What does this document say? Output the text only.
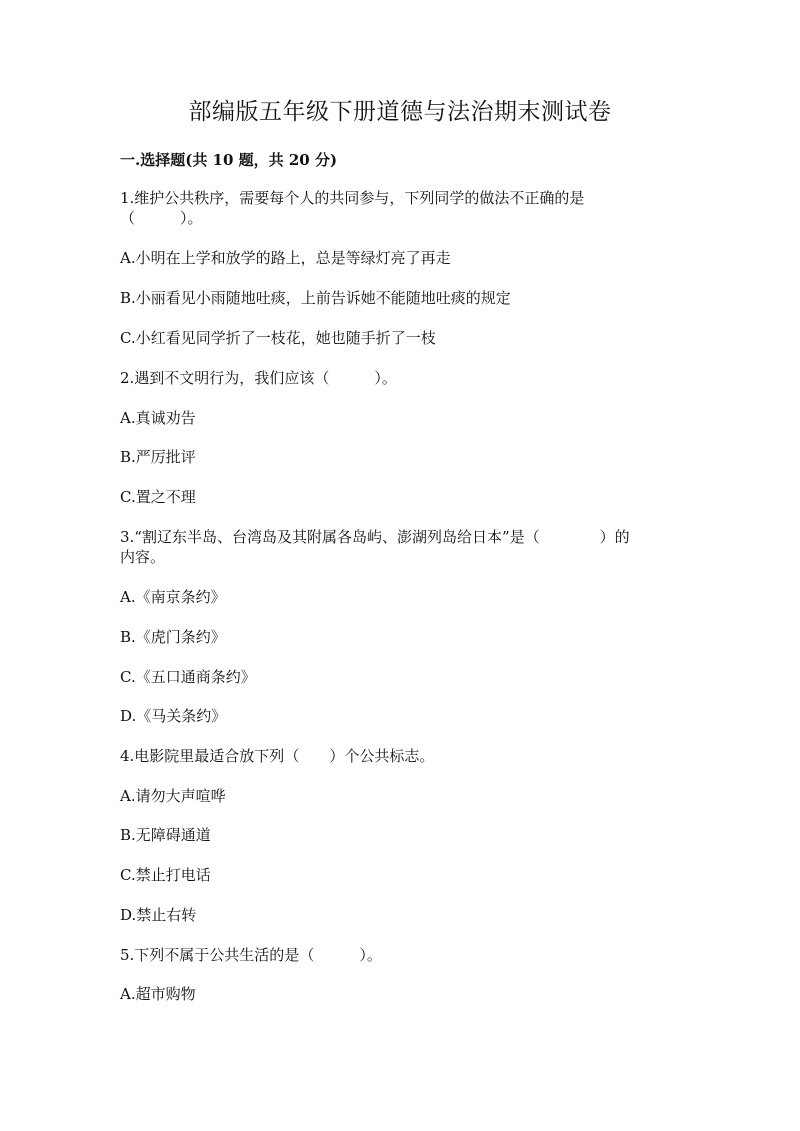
部编版五年级下册道德与法治期末测试卷
一.选择题(共 10 题，共 20 分)
1.维护公共秩序，需要每个人的共同参与，下列同学的做法不正确的是
（　　　）。
A.小明在上学和放学的路上，总是等绿灯亮了再走
B.小丽看见小雨随地吐痰，上前告诉她不能随地吐痰的规定
C.小红看见同学折了一枝花，她也随手折了一枝
2.遇到不文明行为，我们应该（　　　）。
A.真诚劝告
B.严厉批评
C.置之不理
3.“割辽东半岛、台湾岛及其附属各岛屿、澎湖列岛给日本”是（　　　　）的
内容。
A.《南京条约》
B.《虎门条约》
C.《五口通商条约》
D.《马关条约》
4.电影院里最适合放下列（　　）个公共标志。
A.请勿大声喧哗
B.无障碍通道
C.禁止打电话
D.禁止右转
5.下列不属于公共生活的是（　　　）。
A.超市购物
